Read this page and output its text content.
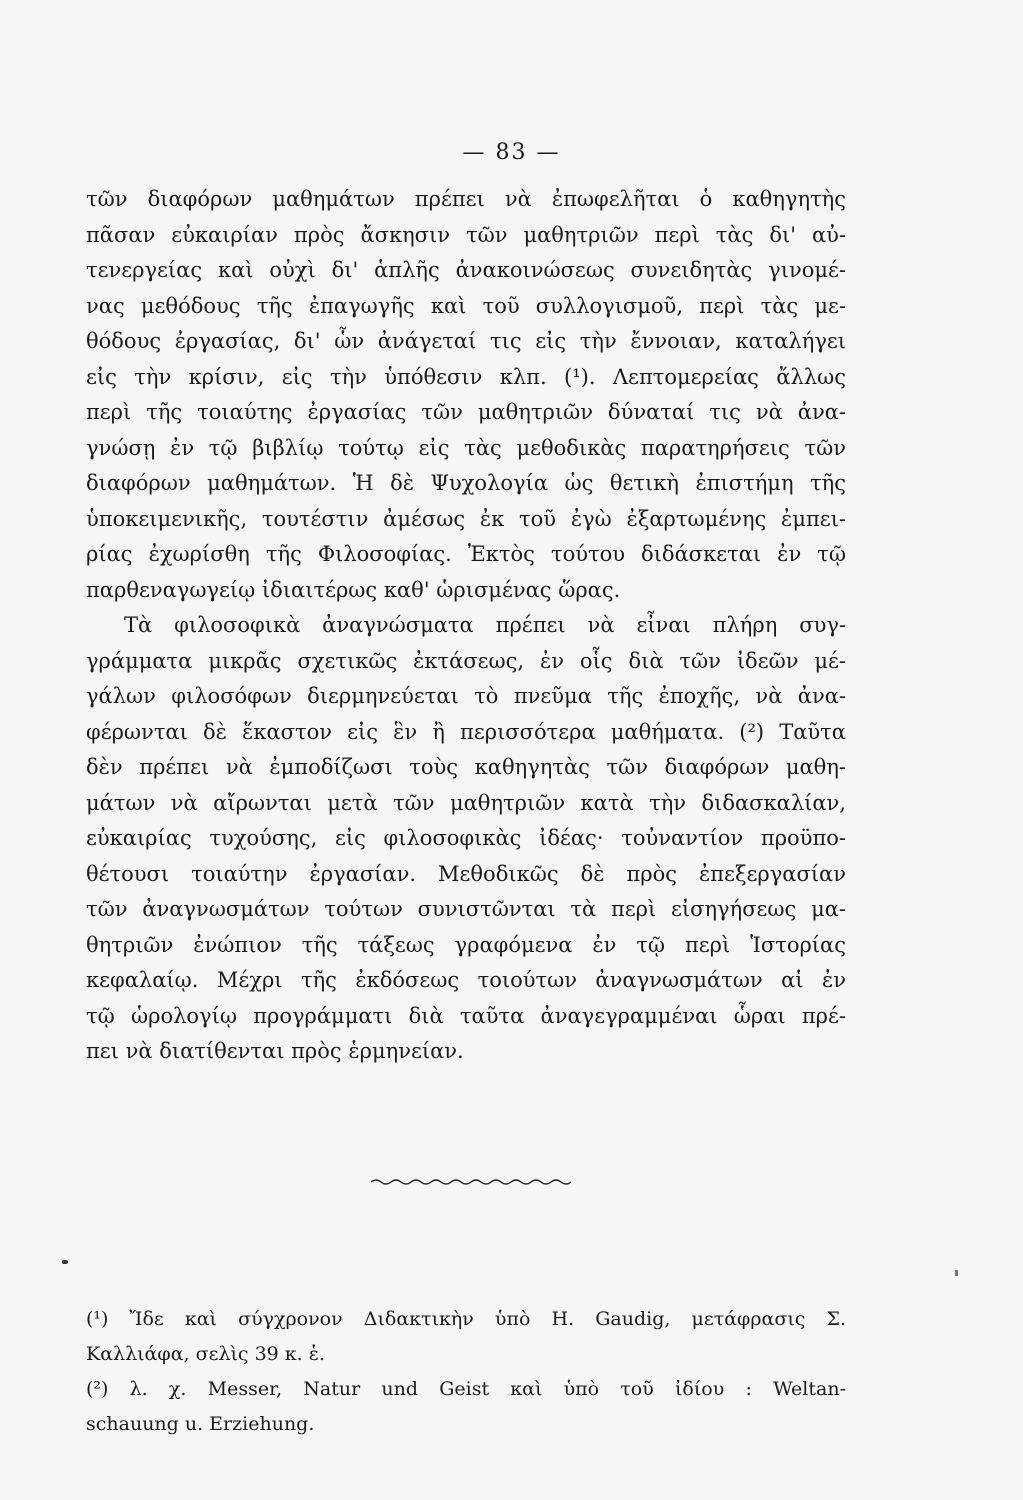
— 83 —
τῶν διαφόρων μαθημάτων πρέπει νὰ ἐπωφελῆται ὁ καθηγητὴς
πᾶσαν εὐκαιρίαν πρὸς ἄσκησιν τῶν μαθητριῶν περὶ τὰς δι' αὐ-
τενεργείας καὶ οὐχὶ δι' ἁπλῆς ἀνακοινώσεως συνειδητὰς γινομέ-
νας μεθόδους τῆς ἐπαγωγῆς καὶ τοῦ συλλογισμοῦ, περὶ τὰς με-
θόδους ἐργασίας, δι' ὧν ἀνάγεταί τις εἰς τὴν ἔννοιαν, καταλήγει
εἰς τὴν κρίσιν, εἰς τὴν ὑπόθεσιν κλπ. (¹). Λεπτομερείας ἄλλως
περὶ τῆς τοιαύτης ἐργασίας τῶν μαθητριῶν δύναταί τις νὰ ἀνα-
γνώσῃ ἐν τῷ βιβλίῳ τούτῳ εἰς τὰς μεθοδικὰς παρατηρήσεις τῶν
διαφόρων μαθημάτων. Ἡ δὲ Ψυχολογία ὡς θετικὴ ἐπιστήμη τῆς
ὑποκειμενικῆς, τουτέστιν ἀμέσως ἐκ τοῦ ἐγὼ ἐξαρτωμένης ἐμπει-
ρίας ἐχωρίσθη τῆς Φιλοσοφίας. Ἐκτὸς τούτου διδάσκεται ἐν τῷ
παρθεναγωγείῳ ἰδιαιτέρως καθ' ὡρισμένας ὥρας.
Τὰ φιλοσοφικὰ ἀναγνώσματα πρέπει νὰ εἶναι πλήρη συγ-
γράμματα μικρᾶς σχετικῶς ἐκτάσεως, ἐν οἷς διὰ τῶν ἰδεῶν μέ-
γάλων φιλοσόφων διερμηνεύεται τὸ πνεῦμα τῆς ἐποχῆς, νὰ ἀνα-
φέρωνται δὲ ἕκαστον εἰς ἓν ἢ περισσότερα μαθήματα. (²) Ταῦτα
δὲν πρέπει νὰ ἐμποδίζωσι τοὺς καθηγητὰς τῶν διαφόρων μαθη-
μάτων νὰ αἴρωνται μετὰ τῶν μαθητριῶν κατὰ τὴν διδασκαλίαν,
εὐκαιρίας τυχούσης, εἰς φιλοσοφικὰς ἰδέας· τοὐναντίον προϋπο-
θέτουσι τοιαύτην ἐργασίαν. Μεθοδικῶς δὲ πρὸς ἐπεξεργασίαν
τῶν ἀναγνωσμάτων τούτων συνιστῶνται τὰ περὶ εἰσηγήσεως μα-
θητριῶν ἐνώπιον τῆς τάξεως γραφόμενα ἐν τῷ περὶ Ἱστορίας
κεφαλαίῳ. Μέχρι τῆς ἐκδόσεως τοιούτων ἀναγνωσμάτων αἱ ἐν
τῷ ὡρολογίῳ προγράμματι διὰ ταῦτα ἀναγεγραμμέναι ὧραι πρέ-
πει νὰ διατίθενται πρὸς ἑρμηνείαν.
(¹) Ἴδε καὶ σύγχρονον Διδακτικὴν ὑπὸ H. Gaudig, μετάφρασις Σ.
Καλλιάφα, σελὶς 39 κ. ἑ.
(²) λ. χ. Messer, Natur und Geist καὶ ὑπὸ τοῦ ἰδίου : Weltan-
schauung u. Erziehung.
